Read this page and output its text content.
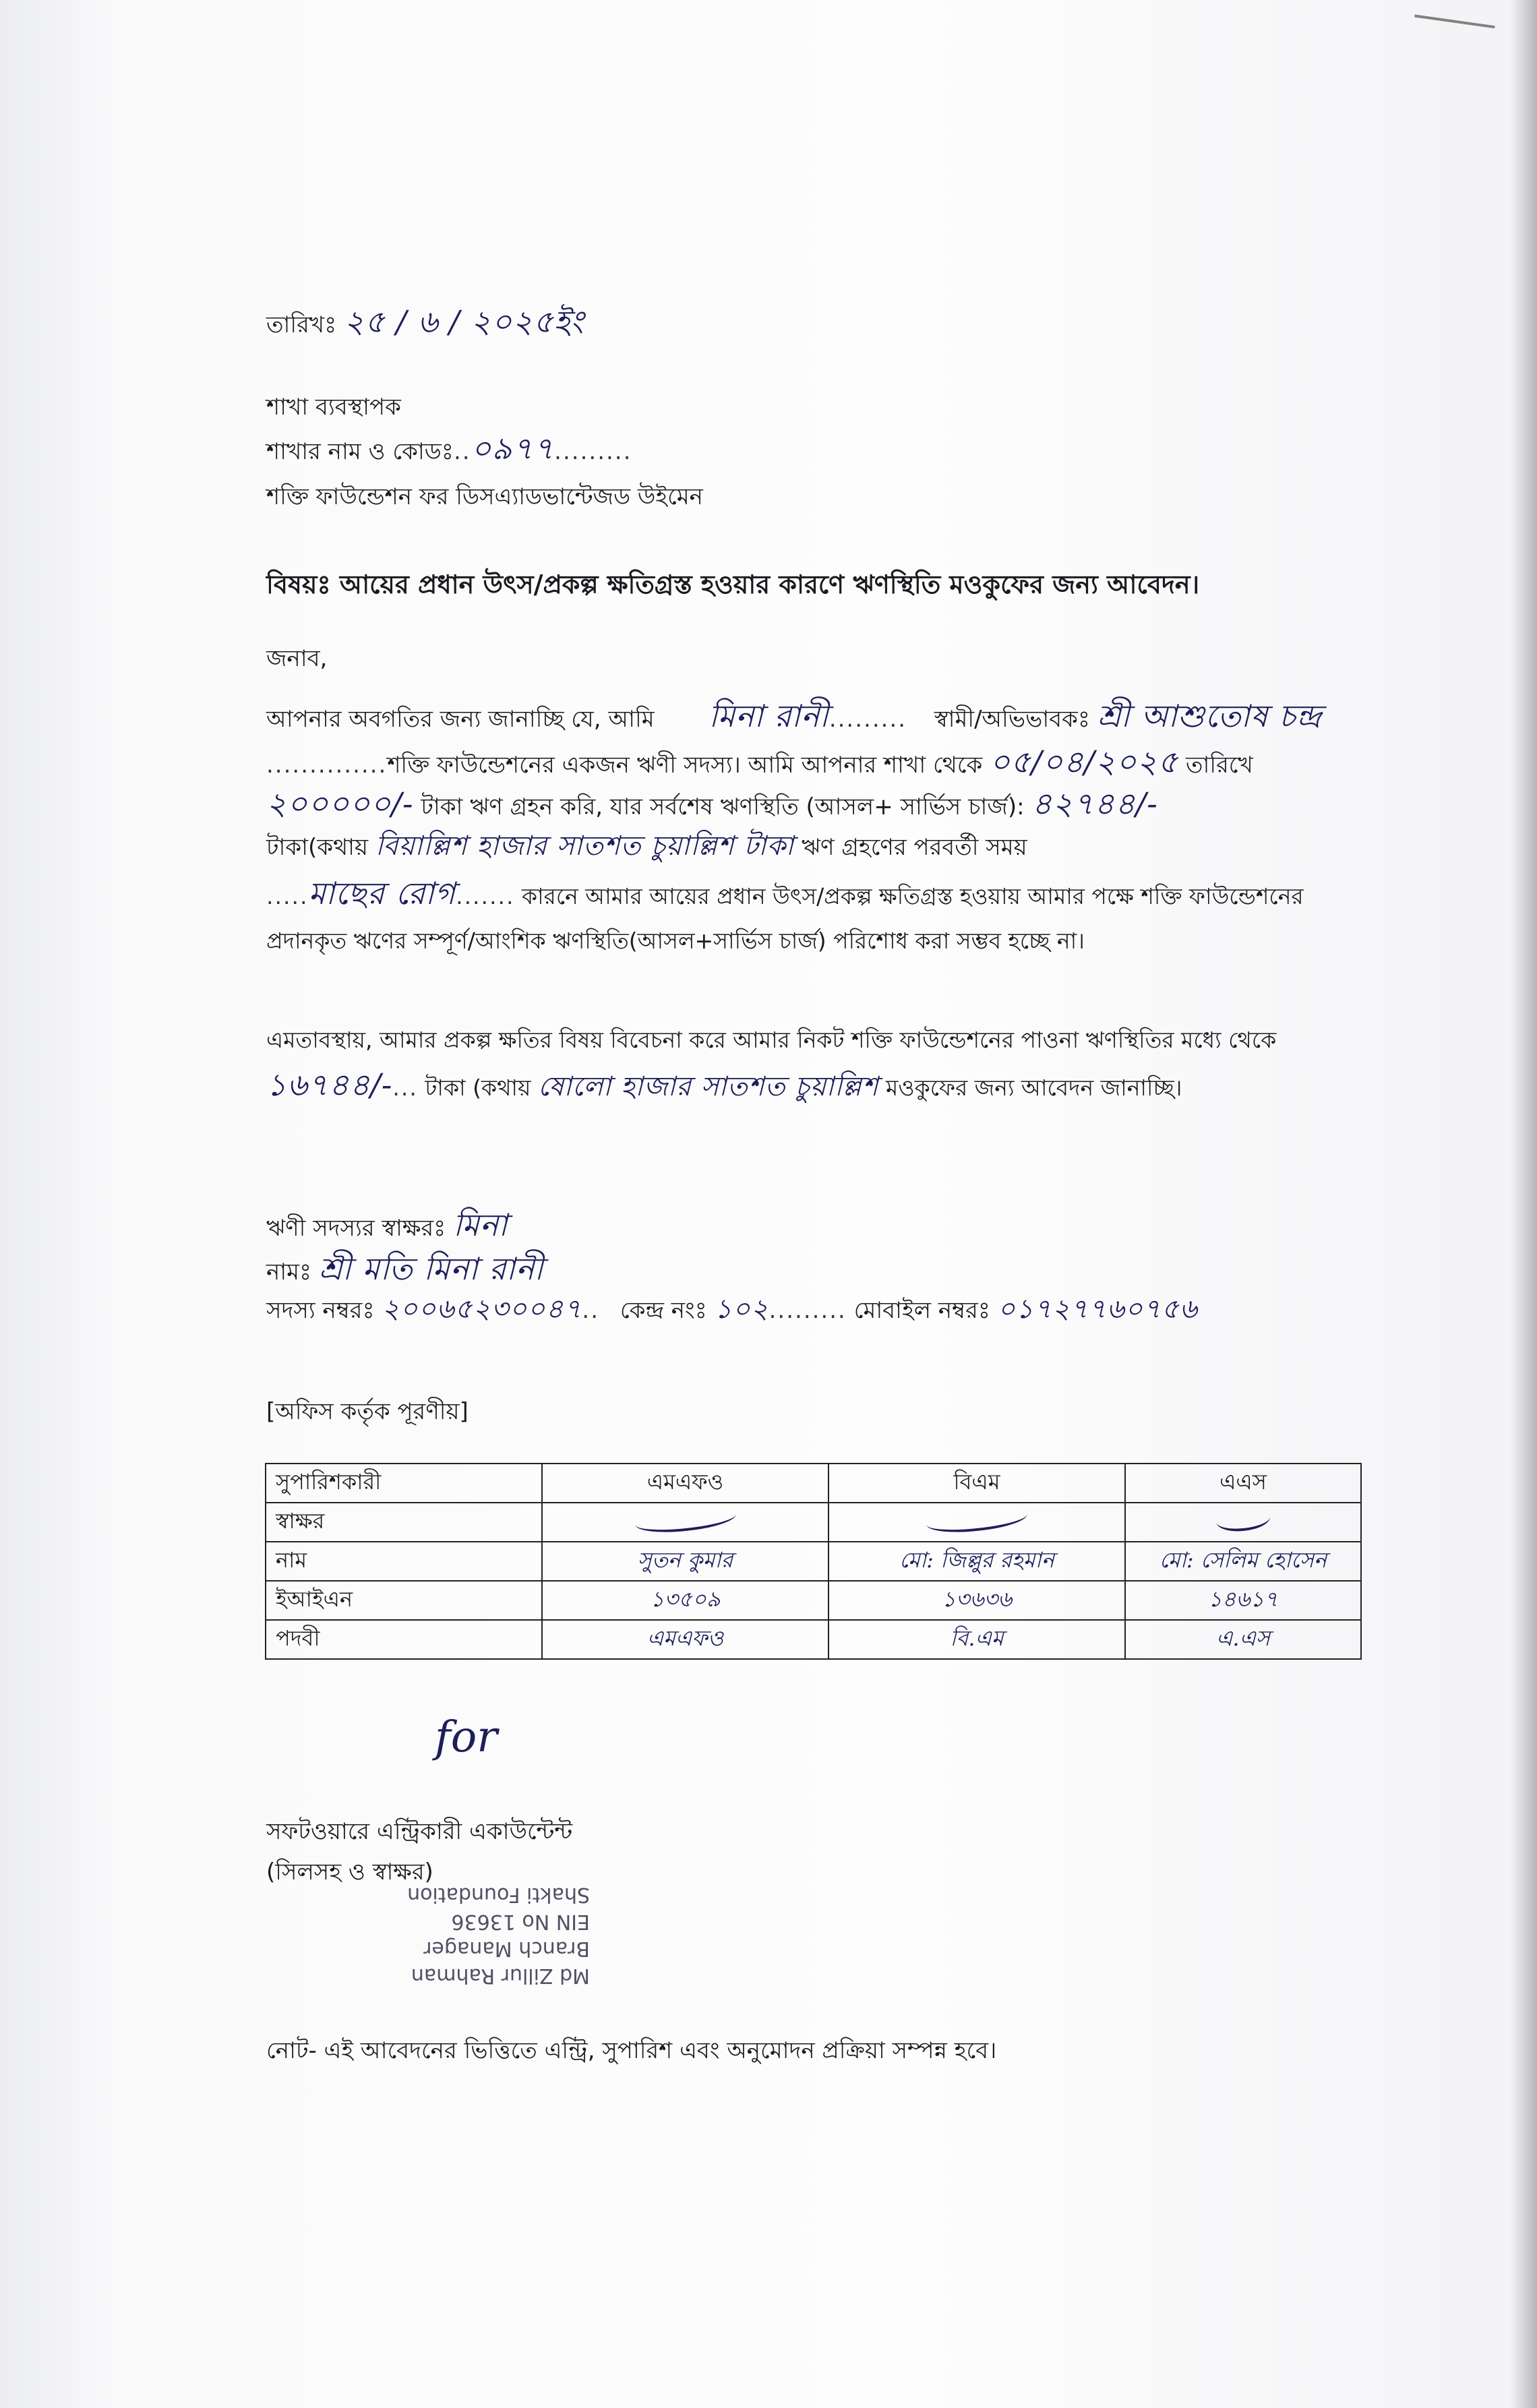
তারিখঃ ২৫ / ৬ / ২০২৫ইং
শাখা ব্যবস্থাপক
শাখার নাম ও কোডঃ..০৯৭৭.........
শক্তি ফাউন্ডেশন ফর ডিসএ্যাডভান্টেজড উইমেন
বিষয়ঃ আয়ের প্রধান উৎস/প্রকল্প ক্ষতিগ্রস্ত হওয়ার কারণে ঋণস্থিতি মওকুফের জন্য আবেদন।
জনাব,
আপনার অবগতির জন্য জানাচ্ছি যে, আমি মিনা রানী......... স্বামী/অভিভাবকঃ শ্রী আশুতোষ চন্দ্র
..............শক্তি ফাউন্ডেশনের একজন ঋণী সদস্য। আমি আপনার শাখা থেকে ০৫/০৪/২০২৫ তারিখে
২০০০০০/- টাকা ঋণ গ্রহন করি, যার সর্বশেষ ঋণস্থিতি (আসল+ সার্ভিস চার্জ): ৪২৭৪৪/-
টাকা(কথায় বিয়াল্লিশ হাজার সাতশত চুয়াল্লিশ টাকা ঋণ গ্রহণের পরবর্তী সময়
.....মাছের রোগ....... কারনে আমার আয়ের প্রধান উৎস/প্রকল্প ক্ষতিগ্রস্ত হওয়ায় আমার পক্ষে শক্তি ফাউন্ডেশনের প্রদানকৃত ঋণের সম্পূর্ণ/আংশিক ঋণস্থিতি(আসল+সার্ভিস চার্জ) পরিশোধ করা সম্ভব হচ্ছে না।
এমতাবস্থায়, আমার প্রকল্প ক্ষতির বিষয় বিবেচনা করে আমার নিকট শক্তি ফাউন্ডেশনের পাওনা ঋণস্থিতির মধ্যে থেকে ১৬৭৪৪/-... টাকা (কথায় ষোলো হাজার সাতশত চুয়াল্লিশ মওকুফের জন্য আবেদন জানাচ্ছি।
ঋণী সদস্যর স্বাক্ষরঃ মিনা
নামঃ শ্রী মতি মিনা রানী
সদস্য নম্বরঃ ২০০৬৫২৩০০৪৭.. কেন্দ্র নংঃ ১০২......... মোবাইল নম্বরঃ ০১৭২৭৭৬০৭৫৬
[অফিস কর্তৃক পূরণীয়]
সুপারিশকারী	এমএফও	বিএম	এএস
স্বাক্ষর			
নাম	সুতন কুমার	মো: জিল্লুর রহমান	মো: সেলিম হোসেন
ইআইএন	১৩৫০৯	১৩৬৩৬	১৪৬১৭
পদবী	এমএফও	বি.এম	এ.এস
for
সফটওয়ারে এন্ট্রিকারী একাউন্টেন্ট
(সিলসহ ও স্বাক্ষর)
Md Zillur Rahman
Branch Manager
EIN No 13636
Shakti Foundation
নোট- এই আবেদনের ভিত্তিতে এন্ট্রি, সুপারিশ এবং অনুমোদন প্রক্রিয়া সম্পন্ন হবে।
